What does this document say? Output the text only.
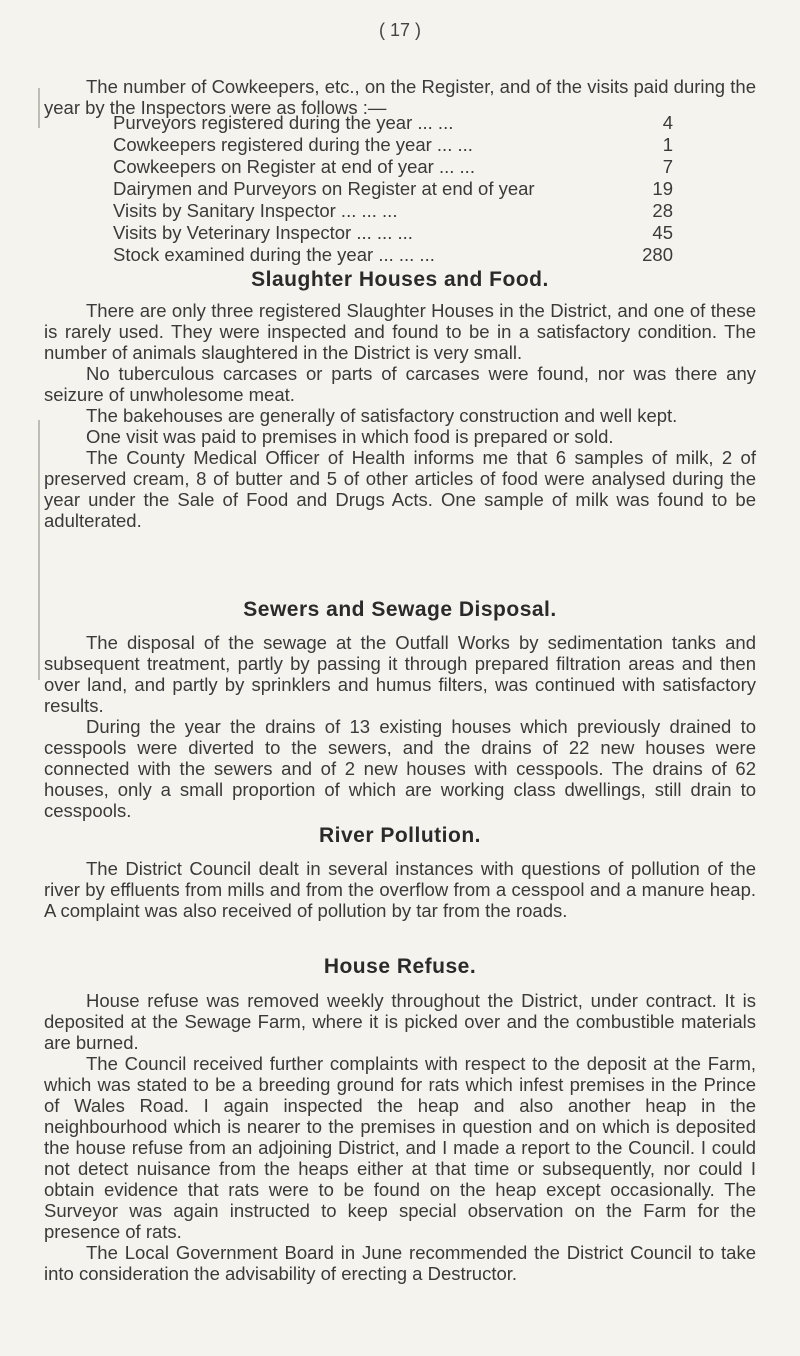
( 17 )

The number of Cowkeepers, etc., on the Register, and of the visits paid during the year by the Inspectors were as follows :—

Purveyors registered during the year ... ...	4
Cowkeepers registered during the year ... ...	1
Cowkeepers on Register at end of year ... ...	7
Dairymen and Purveyors on Register at end of year	19
Visits by Sanitary Inspector ... ... ...	28
Visits by Veterinary Inspector ... ... ...	45
Stock examined during the year ... ... ...	280
Slaughter Houses and Food.

There are only three registered Slaughter Houses in the District, and one of these is rarely used. They were inspected and found to be in a satisfactory condition. The number of animals slaughtered in the District is very small.

No tuberculous carcases or parts of carcases were found, nor was there any seizure of unwholesome meat.

The bakehouses are generally of satisfactory construction and well kept.

One visit was paid to premises in which food is prepared or sold.

The County Medical Officer of Health informs me that 6 samples of milk, 2 of preserved cream, 8 of butter and 5 of other articles of food were analysed during the year under the Sale of Food and Drugs Acts. One sample of milk was found to be adulterated.

Sewers and Sewage Disposal.

The disposal of the sewage at the Outfall Works by sedimentation tanks and subsequent treatment, partly by passing it through prepared filtration areas and then over land, and partly by sprinklers and humus filters, was continued with satisfactory results.

During the year the drains of 13 existing houses which previously drained to cesspools were diverted to the sewers, and the drains of 22 new houses were connected with the sewers and of 2 new houses with cesspools. The drains of 62 houses, only a small proportion of which are working class dwellings, still drain to cesspools.

River Pollution.

The District Council dealt in several instances with questions of pollution of the river by effluents from mills and from the overflow from a cesspool and a manure heap. A complaint was also received of pollution by tar from the roads.

House Refuse.

House refuse was removed weekly throughout the District, under contract. It is deposited at the Sewage Farm, where it is picked over and the combustible materials are burned.

The Council received further complaints with respect to the deposit at the Farm, which was stated to be a breeding ground for rats which infest premises in the Prince of Wales Road. I again inspected the heap and also another heap in the neighbourhood which is nearer to the premises in question and on which is deposited the house refuse from an adjoining District, and I made a report to the Council. I could not detect nuisance from the heaps either at that time or subsequently, nor could I obtain evidence that rats were to be found on the heap except occasionally. The Surveyor was again instructed to keep special observation on the Farm for the presence of rats.

The Local Government Board in June recommended the District Council to take into consideration the advisability of erecting a Destructor.
